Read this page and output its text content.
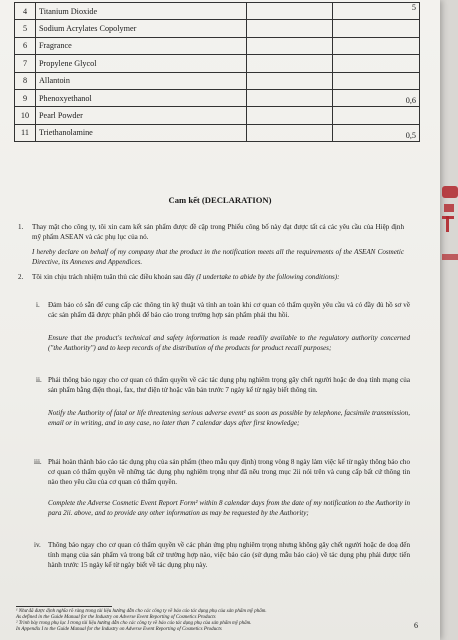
4	Titanium Dioxide		5
5	Sodium Acrylates Copolymer		
6	Fragrance		
7	Propylene Glycol		
8	Allantoin		
9	Phenoxyethanol		0,6
10	Pearl Powder		
11	Triethanolamine		0,5
Cam kết (DECLARATION)
1. Thay mặt cho công ty, tôi xin cam kết sản phẩm được đề cập trong Phiếu công bố này đạt được tất cả các yêu cầu của Hiệp định mỹ phẩm ASEAN và các phụ lục của nó.
I hereby declare on behalf of my company that the product in the notification meets all the requirements of the ASEAN Cosmetic Directive, its Annexes and Appendices.
2. Tôi xin chịu trách nhiệm tuân thủ các điều khoản sau đây (I undertake to abide by the following conditions):
i. Đảm bảo có sẵn để cung cấp các thông tin kỹ thuật và tính an toàn khi cơ quan có thẩm quyền yêu cầu và có đầy đủ hồ sơ về các sản phẩm đã được phân phối để báo cáo trong trường hợp sản phẩm phải thu hồi.
Ensure that the product's technical and safety information is made readily available to the regulatory authority concerned ("the Authority") and to keep records of the distribution of the products for product recall purposes;
ii. Phải thông báo ngay cho cơ quan có thẩm quyền về các tác dụng phụ nghiêm trọng gây chết người hoặc đe doạ tính mạng của sản phẩm bằng điện thoại, fax, thư điện tử hoặc văn bản trước 7 ngày kể từ ngày biết thông tin.
Notify the Authority of fatal or life threatening serious adverse event¹ as soon as possible by telephone, facsimile transmission, email or in writing, and in any case, no later than 7 calendar days after first knowledge;
iii. Phải hoàn thành báo cáo tác dụng phụ của sản phẩm (theo mẫu quy định) trong vòng 8 ngày làm việc kể từ ngày thông báo cho cơ quan có thẩm quyền về những tác dụng phụ nghiêm trọng như đã nêu trong mục 2ii nói trên và cung cấp bất cứ thông tin nào theo yêu cầu của cơ quan có thẩm quyền.
Complete the Adverse Cosmetic Event Report Form² within 8 calendar days from the date of my notification to the Authority in para 2ii. above, and to provide any other information as may be requested by the Authority;
iv. Thông báo ngay cho cơ quan có thẩm quyền về các phản ứng phụ nghiêm trọng nhưng không gây chết người hoặc đe doạ đến tính mạng của sản phẩm và trong bất cứ trường hợp nào, việc báo cáo (sử dụng mẫu báo cáo) về tác dụng phụ phải được tiến hành trước 15 ngày kể từ ngày biết về tác dụng phụ này.
¹ Như đã được định nghĩa rõ ràng trong tài liệu hướng dẫn cho các công ty về báo cáo tác dụng phụ của sản phẩm mỹ phẩm.
As defined in the Guide Manual for the Industry on Adverse Event Reporting of Cosmetics Products
² Trình bày trong phụ lục I trong tài liệu hướng dẫn cho các công ty về báo cáo tác dụng phụ của sản phẩm mỹ phẩm.
In Appendix I to the Guide Manual for the Industry on Adverse Event Reporting of Cosmetics Products	6
